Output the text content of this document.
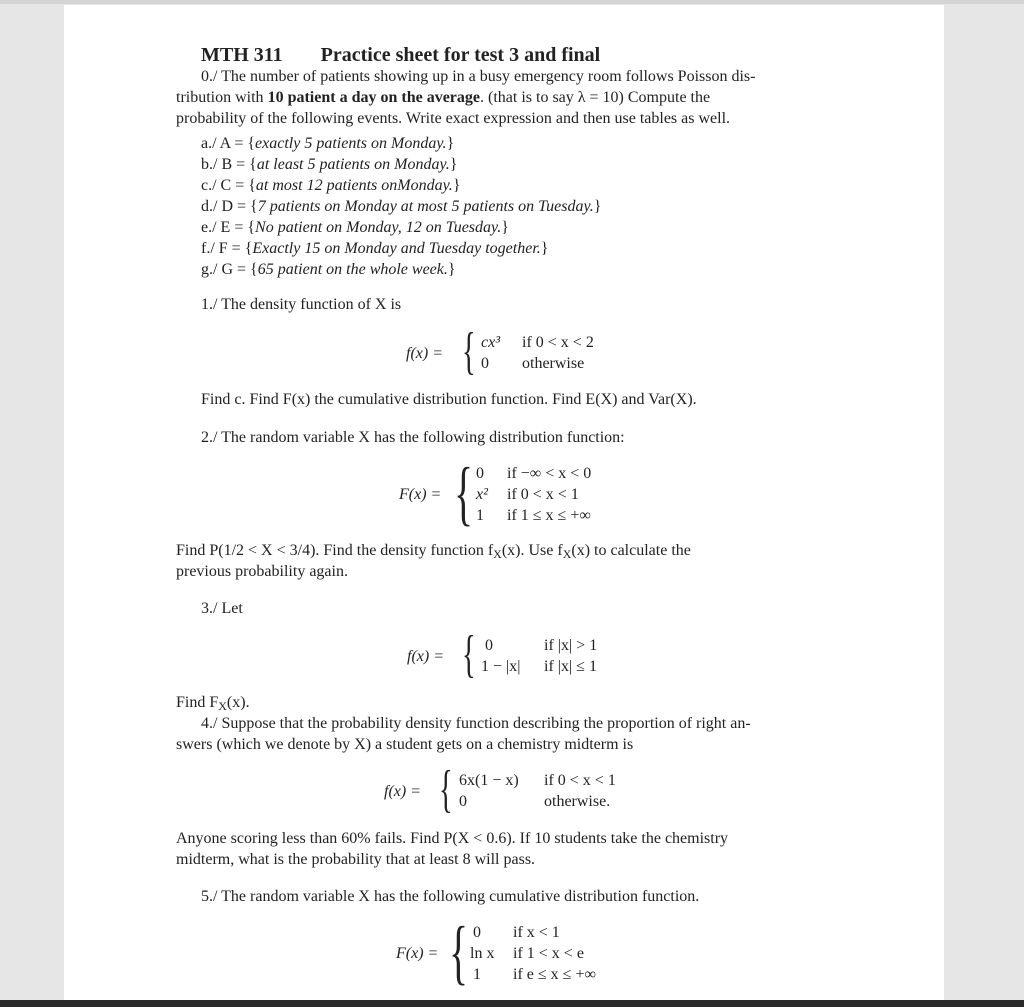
MTH 311 Practice sheet for test 3 and final
0./ The number of patients showing up in a busy emergency room follows Poisson dis-
tribution with 10 patient a day on the average. (that is to say λ = 10) Compute the
probability of the following events. Write exact expression and then use tables as well.
a./ A = {exactly 5 patients on Monday.}
b./ B = {at least 5 patients on Monday.}
c./ C = {at most 12 patients onMonday.}
d./ D = {7 patients on Monday at most 5 patients on Tuesday.}
e./ E = {No patient on Monday, 12 on Tuesday.}
f./ F = {Exactly 15 on Monday and Tuesday together.}
g./ G = {65 patient on the whole week.}
1./ The density function of X is
f(x) = { cx³ if 0 < x < 2
0 otherwise
Find c. Find F(x) the cumulative distribution function. Find E(X) and Var(X).
2./ The random variable X has the following distribution function:
F(x) = { 0 if −∞ < x < 0
x² if 0 < x < 1
1 if 1 ≤ x ≤ +∞
Find P(1/2 < X < 3/4). Find the density function $f_X(x)$. Use $f_X(x)$ to calculate the
previous probability again.
3./ Let
f(x) = { 0	if |x| > 1
1 − |x| if |x| ≤ 1
Find $F_X(x)$.
4./ Suppose that the probability density function describing the proportion of right an-
swers (which we denote by X) a student gets on a chemistry midterm is
f(x) = { 6x(1 − x) if 0 < x < 1
0	otherwise.
Anyone scoring less than 60% fails. Find P(X < 0.6). If 10 students take the chemistry
midterm, what is the probability that at least 8 will pass.
5./ The random variable X has the following cumulative distribution function.
F(x) = { 0 if x < 1
ln x if 1 < x < e
1 if e ≤ x ≤ +∞
